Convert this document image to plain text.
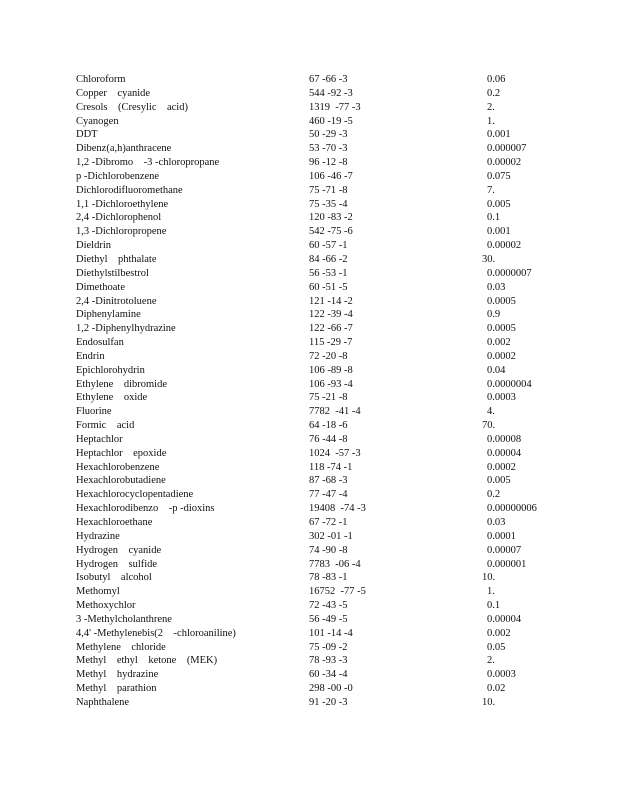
Chloroform	67 -66 -3	0.06
Copper    cyanide	544 -92 -3	0.2
Cresols    (Cresylic    acid)	1319  -77 -3	2.
Cyanogen	460 -19 -5	1.
DDT	50 -29 -3	0.001
Dibenz(a,h)anthracene	53 -70 -3	0.000007
1,2 -Dibromo    -3 -chloropropane	96 -12 -8	0.00002
p -Dichlorobenzene	106 -46 -7	0.075
Dichlorodifluoromethane	75 -71 -8	7.
1,1 -Dichloroethylene	75 -35 -4	0.005
2,4 -Dichlorophenol	120 -83 -2	0.1
1,3 -Dichloropropene	542 -75 -6	0.001
Dieldrin	60 -57 -1	0.00002
Diethyl    phthalate	84 -66 -2	30.
Diethylstilbestrol	56 -53 -1	0.0000007
Dimethoate	60 -51 -5	0.03
2,4 -Dinitrotoluene	121 -14 -2	0.0005
Diphenylamine	122 -39 -4	0.9
1,2 -Diphenylhydrazine	122 -66 -7	0.0005
Endosulfan	115 -29 -7	0.002
Endrin	72 -20 -8	0.0002
Epichlorohydrin	106 -89 -8	0.04
Ethylene    dibromide	106 -93 -4	0.0000004
Ethylene    oxide	75 -21 -8	0.0003
Fluorine	7782  -41 -4	4.
Formic    acid	64 -18 -6	70.
Heptachlor	76 -44 -8	0.00008
Heptachlor    epoxide	1024  -57 -3	0.00004
Hexachlorobenzene	118 -74 -1	0.0002
Hexachlorobutadiene	87 -68 -3	0.005
Hexachlorocyclopentadiene	77 -47 -4	0.2
Hexachlorodibenzo    -p -dioxins	19408  -74 -3	0.00000006
Hexachloroethane	67 -72 -1	0.03
Hydrazine	302 -01 -1	0.0001
Hydrogen    cyanide	74 -90 -8	0.00007
Hydrogen    sulfide	7783  -06 -4	0.000001
Isobutyl    alcohol	78 -83 -1	10.
Methomyl	16752  -77 -5	1.
Methoxychlor	72 -43 -5	0.1
3 -Methylcholanthrene	56 -49 -5	0.00004
4,4' -Methylenebis(2    -chloroaniline)	101 -14 -4	0.002
Methylene    chloride	75 -09 -2	0.05
Methyl    ethyl    ketone    (MEK)	78 -93 -3	2.
Methyl    hydrazine	60 -34 -4	0.0003
Methyl    parathion	298 -00 -0	0.02
Naphthalene	91 -20 -3	10.
